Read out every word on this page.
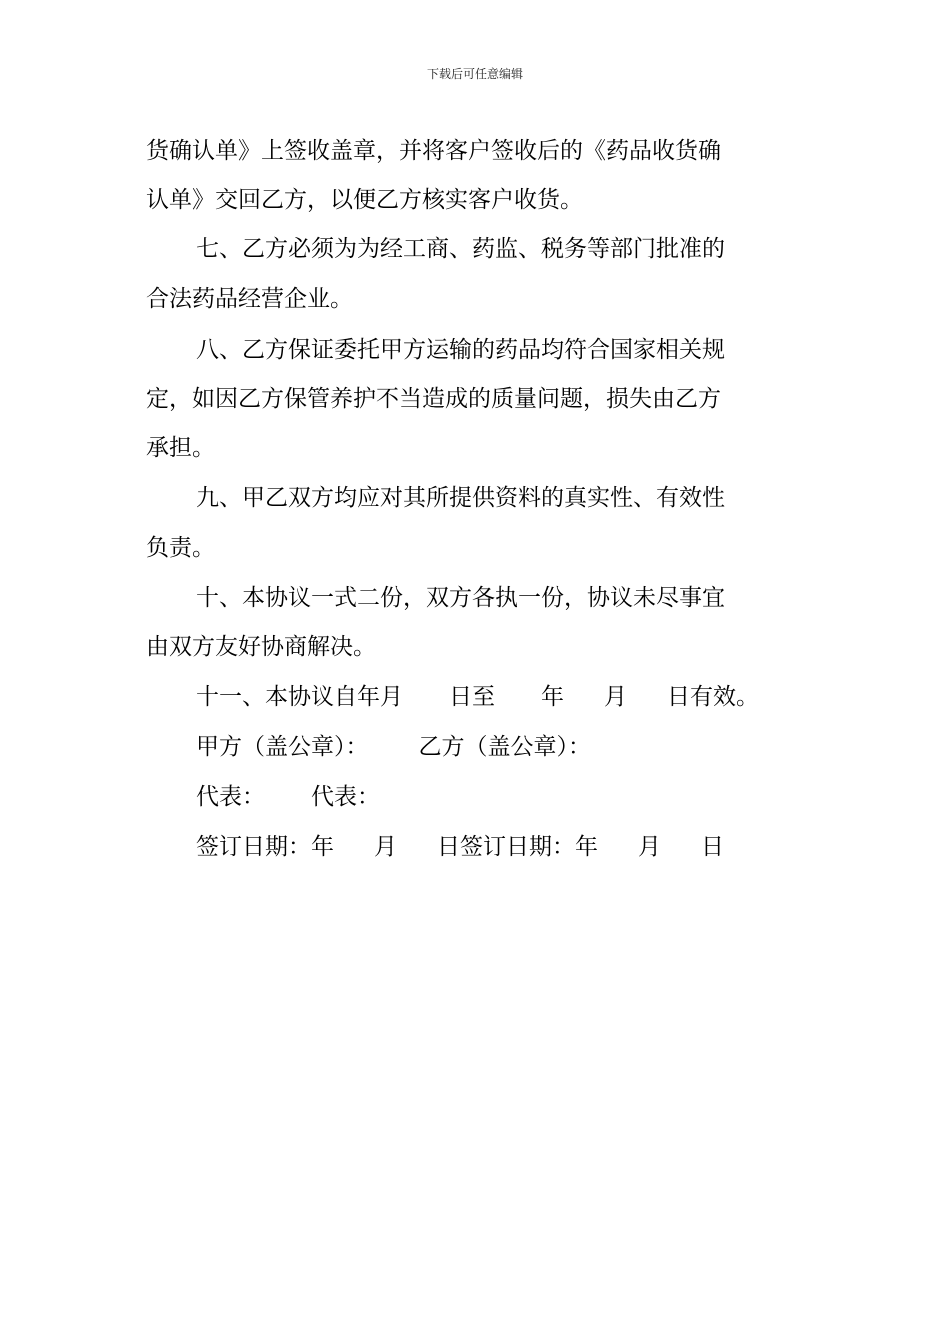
下载后可任意编辑
货确认单》上签收盖章，并将客户签收后的《药品收货确
认单》交回乙方，以便乙方核实客户收货。
七、乙方必须为为经工商、药监、税务等部门批准的
合法药品经营企业。
八、乙方保证委托甲方运输的药品均符合国家相关规
定，如因乙方保管养护不当造成的质量问题，损失由乙方
承担。
九、甲乙双方均应对其所提供资料的真实性、有效性
负责。
十、本协议一式二份，双方各执一份，协议未尽事宜
由双方友好协商解决。
十一、本协议自年月 日至 年 月 日有效。
甲方（盖公章）： 乙方（盖公章）：
代表： 代表：
签订日期：年 月 日签订日期：年 月 日
